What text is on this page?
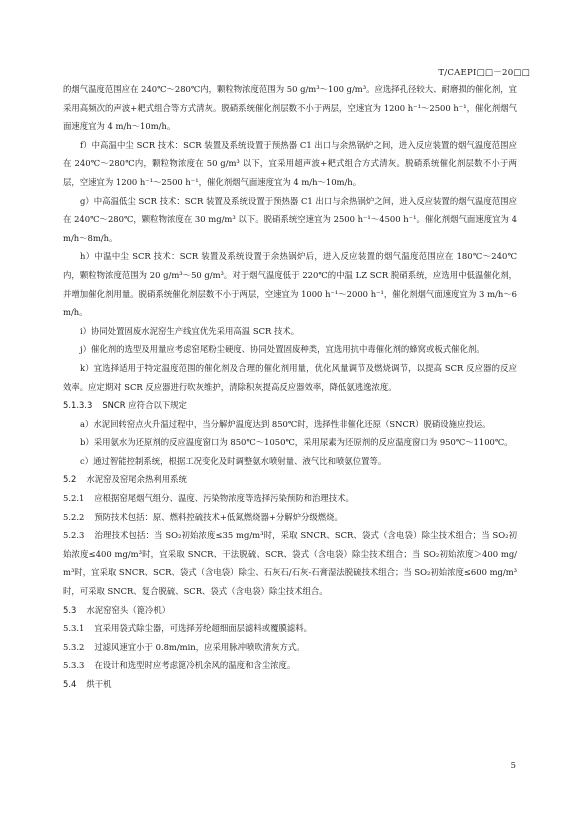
T/CAEPI□□－20□□

的烟气温度范围应在 240℃～280℃内，颗粒物浓度范围为 50 g/m³～100 g/m³。应选择孔径较大、耐磨损的催化剂，宜采用高频次的声波+耙式组合等方式清灰。脱硝系统催化剂层数不小于两层，空速宜为 1200 h⁻¹～2500 h⁻¹，催化剂烟气面速度宜为 4 m/h～10m/h。

f）中高温中尘 SCR 技术：SCR 装置及系统设置于预热器 C1 出口与余热锅炉之间，进入反应装置的烟气温度范围应在 240℃～280℃内，颗粒物浓度在 50 g/m³ 以下，宜采用超声波+耙式组合方式清灰。脱硝系统催化剂层数不小于两层，空速宜为 1200 h⁻¹～2500 h⁻¹，催化剂烟气面速度宜为 4 m/h～10m/h。

g）中高温低尘 SCR 技术：SCR 装置及系统设置于预热器 C1 出口与余热锅炉之间，进入反应装置的烟气温度范围应在 240℃～280℃，颗粒物浓度在 30 mg/m³ 以下。脱硝系统空速宜为 2500 h⁻¹～4500 h⁻¹。催化剂烟气面速度宜为 4m/h～8m/h。

h）中温中尘 SCR 技术：SCR 装置及系统设置于余热锅炉后，进入反应装置的烟气温度范围应在 180℃～240℃内，颗粒物浓度范围为 20 g/m³～50 g/m³。对于烟气温度低于 220℃的中温 LZ SCR 脱硝系统，应选用中低温催化剂，并增加催化剂用量。脱硝系统催化剂层数不小于两层，空速宜为 1000 h⁻¹～2000 h⁻¹，催化剂烟气面速度宜为 3 m/h～6 m/h。

i）协同处置固废水泥窑生产线宜优先采用高温 SCR 技术。

j）催化剂的选型及用量应考虑窑尾粉尘硬度、协同处置固废种类，宜选用抗中毒催化剂的蜂窝或板式催化剂。

k）宜选择适用于特定温度范围的催化剂及合理的催化剂用量，优化风量调节及燃烧调节，以提高 SCR 反应器的反应效率。应定期对 SCR 反应器进行吹灰维护，清除积灰提高反应器效率，降低氨逃逸浓度。

5.1.3.3 SNCR 应符合以下规定

a）水泥回转窑点火升温过程中，当分解炉温度达到 850℃时，选择性非催化还原（SNCR）脱硝设施应投运。

b）采用氨水为还原剂的反应温度窗口为 850℃～1050℃，采用尿素为还原剂的反应温度窗口为 950℃～1100℃。

c）通过智能控制系统，根据工况变化及时调整氨水喷射量、液气比和喷氨位置等。

5.2 水泥窑及窑尾余热利用系统

5.2.1 应根据窑尾烟气组分、温度、污染物浓度等选择污染预防和治理技术。

5.2.2 预防技术包括：原、燃料控硫技术+低氮燃烧器+分解炉分级燃烧。

5.2.3 治理技术包括：当 SO₂初始浓度≤35 mg/m³时，采取 SNCR、SCR、袋式（含电袋）除尘技术组合；当 SO₂初始浓度≤400 mg/m³时，宜采取 SNCR、干法脱硫、SCR、袋式（含电袋）除尘技术组合；当 SO₂初始浓度＞400 mg/m³时，宜采取 SNCR、SCR、袋式（含电袋）除尘、石灰石/石灰-石膏湿法脱硫技术组合；当 SO₂初始浓度≤600 mg/m³时，可采取 SNCR、复合脱硫、SCR、袋式（含电袋）除尘技术组合。

5.3 水泥窑窑头（篦冷机）

5.3.1 宜采用袋式除尘器，可选择芳纶超细面层滤料或覆膜滤料。

5.3.2 过滤风速宜小于 0.8m/min，应采用脉冲喷吹清灰方式。

5.3.3 在设计和选型时应考虑篦冷机余风的温度和含尘浓度。

5.4 烘干机

5
